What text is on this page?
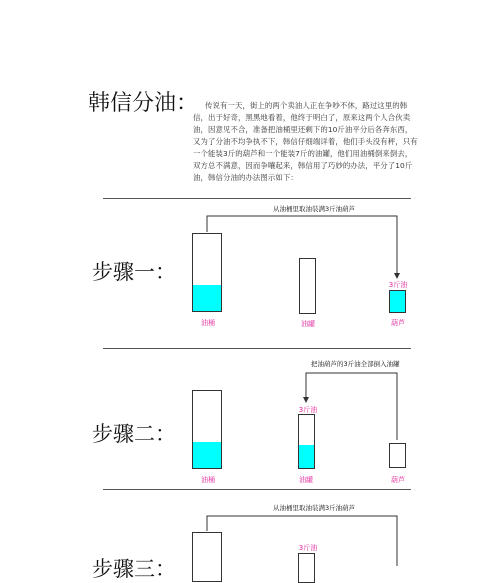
韩信分油： 传说有一天，街上的两个卖油人正在争吵不休，路过这里的韩信，出于好奇，黑黑地看着，他终于明白了，原来这两个人合伙卖油，因意见不合，准备把油桶里还剩下的10斤油平分后各奔东西，又为了分油不均争执不下，韩信仔细端详着，他们手头没有秤，只有一个能装3斤的葫芦和一个能装7斤的油罐，他们用油桶倒来倒去，双方总不满意，因而争嚷起来，韩信用了巧妙的办法，平分了10斤油，韩信分油的办法图示如下：
步骤一：
从油桶里取油装满3斤油葫芦
油桶	油罐
3斤油
葫芦
步骤二：
把油葫芦的3斤油全部倒入油罐
油桶
3斤油
油罐	葫芦
步骤三：
从油桶里取油装满3斤油葫芦
3斤油
